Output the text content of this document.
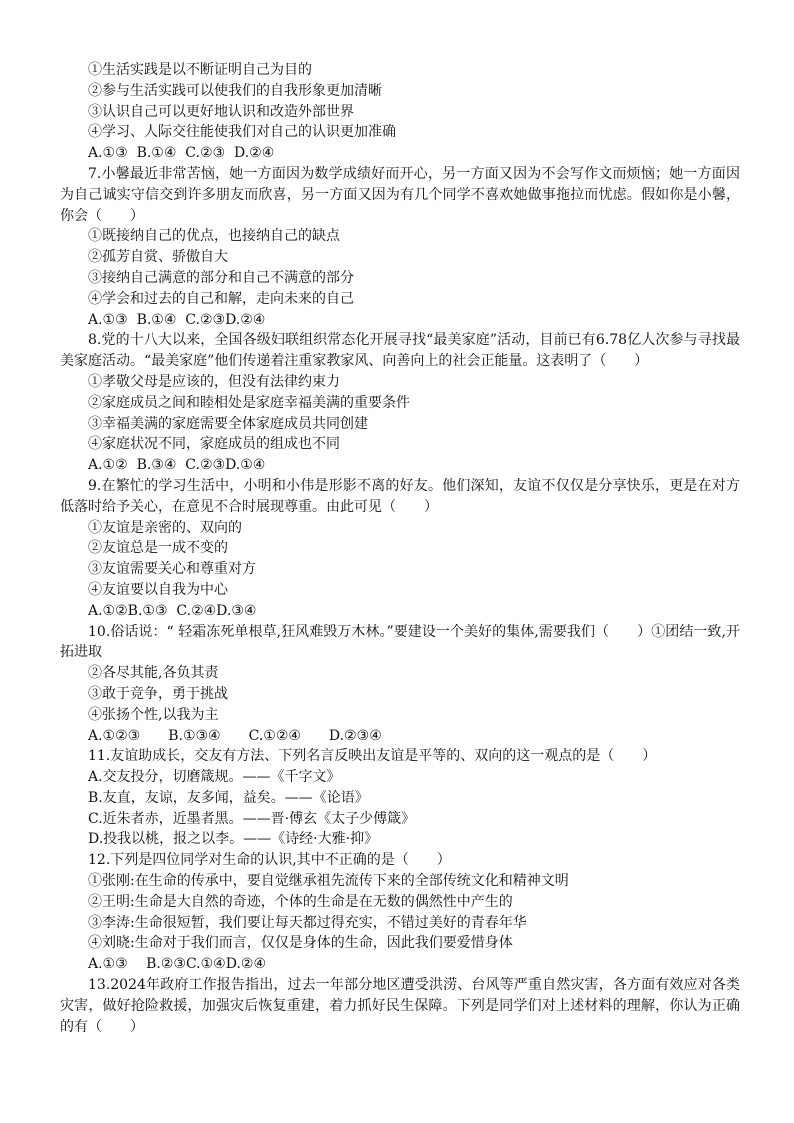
①生活实践是以不断证明自己为目的
②参与生活实践可以使我们的自我形象更加清晰
③认识自己可以更好地认识和改造外部世界
④学习、人际交往能使我们对自己的认识更加准确
A.①③  B.①④  C.②③  D.②④
7.小馨最近非常苦恼，她一方面因为数学成绩好而开心，另一方面又因为不会写作文而烦恼；她一方面因为自己诚实守信交到许多朋友而欣喜，另一方面又因为有几个同学不喜欢她做事拖拉而忧虑。假如你是小馨，你会（　　）
①既接纳自己的优点，也接纳自己的缺点
②孤芳自赏、骄傲自大
③接纳自己满意的部分和自己不满意的部分
④学会和过去的自己和解，走向未来的自己
A.①③  B.①④  C.②③D.②④
8.党的十八大以来，全国各级妇联组织常态化开展寻找“最美家庭”活动，目前已有6.78亿人次参与寻找最美家庭活动。“最美家庭”他们传递着注重家教家风、向善向上的社会正能量。这表明了（　　）
①孝敬父母是应该的，但没有法律约束力
②家庭成员之间和睦相处是家庭幸福美满的重要条件
③幸福美满的家庭需要全体家庭成员共同创建
④家庭状况不同，家庭成员的组成也不同
A.①②  B.③④  C.②③D.①④
9.在繁忙的学习生活中，小明和小伟是形影不离的好友。他们深知，友谊不仅仅是分享快乐，更是在对方低落时给予关心，在意见不合时展现尊重。由此可见（　　）
①友谊是亲密的、双向的
②友谊总是一成不变的
③友谊需要关心和尊重对方
④友谊要以自我为中心
A.①②B.①③  C.②④D.③④
10.俗话说：“ 轻霜冻死单根草,狂风难毁万木林。”要建设一个美好的集体,需要我们（　　）①团结一致,开拓进取
②各尽其能,各负其责
③敢于竞争，勇于挑战
④张扬个性,以我为主
A.①②③　　B.①③④　　C.①②④　　D.②③④
11.友谊助成长，交友有方法、下列名言反映出友谊是平等的、双向的这一观点的是（　　）
A.交友投分，切磨箴规。——《千字文》
B.友直，友谅，友多闻，益矣。——《论语》
C.近朱者赤，近墨者黑。——晋·傅玄《太子少傅箴》
D.投我以桃，报之以李。——《诗经·大雅·抑》
12.下列是四位同学对生命的认识,其中不正确的是（　　）
①张刚:在生命的传承中，要自觉继承祖先流传下来的全部传统文化和精神文明
②王明:生命是大自然的奇迹，个体的生命是在无数的偶然性中产生的
③李涛:生命很短暂，我们要让每天都过得充实，不错过美好的青春年华
④刘晓:生命对于我们而言，仅仅是身体的生命，因此我们要爱惜身体
A.①③　 B.②③C.①④D.②④
13.2024年政府工作报告指出，过去一年部分地区遭受洪涝、台风等严重自然灾害，各方面有效应对各类灾害，做好抢险救援，加强灾后恢复重建，着力抓好民生保障。下列是同学们对上述材料的理解，你认为正确的有（　　）
